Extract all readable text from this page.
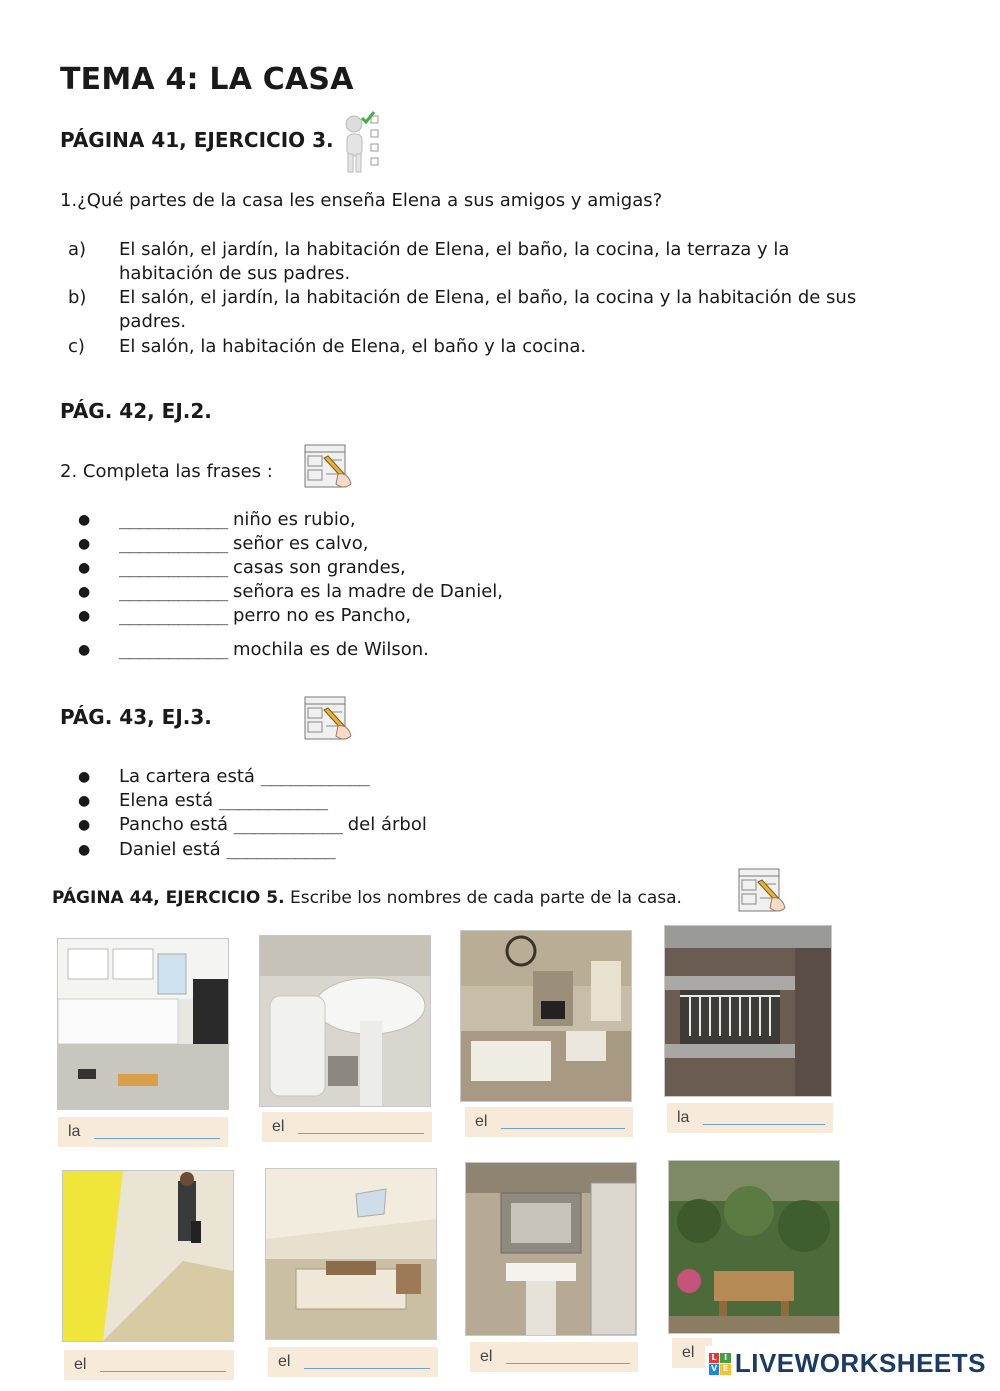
TEMA 4: LA CASA
PÁGINA 41, EJERCICIO 3.
1.¿Qué partes de la casa les enseña Elena a sus amigos y amigas?
a)	El salón, el jardín, la habitación de Elena, el baño, la cocina, la terraza y la
habitación de sus padres.
b)	El salón, el jardín, la habitación de Elena, el baño, la cocina y la habitación de sus
padres.
c)	El salón, la habitación de Elena, el baño y la cocina.
PÁG. 42, EJ.2.
2. Completa las frases :
● ___________ niño es rubio,
● ___________ señor es calvo,
● ___________ casas son grandes,
● ___________ señora es la madre de Daniel,
● ___________ perro no es Pancho,
● ___________ mochila es de Wilson.
PÁG. 43, EJ.3.
● La cartera está ___________
● Elena está ___________
● Pancho está ___________ del árbol
● Daniel está ___________
PÁGINA 44, EJERCICIO 5. Escribe los nombres de cada parte de la casa.
la	el	el	la
el	el	el	el	L I
V E LIVEWORKSHEETS
